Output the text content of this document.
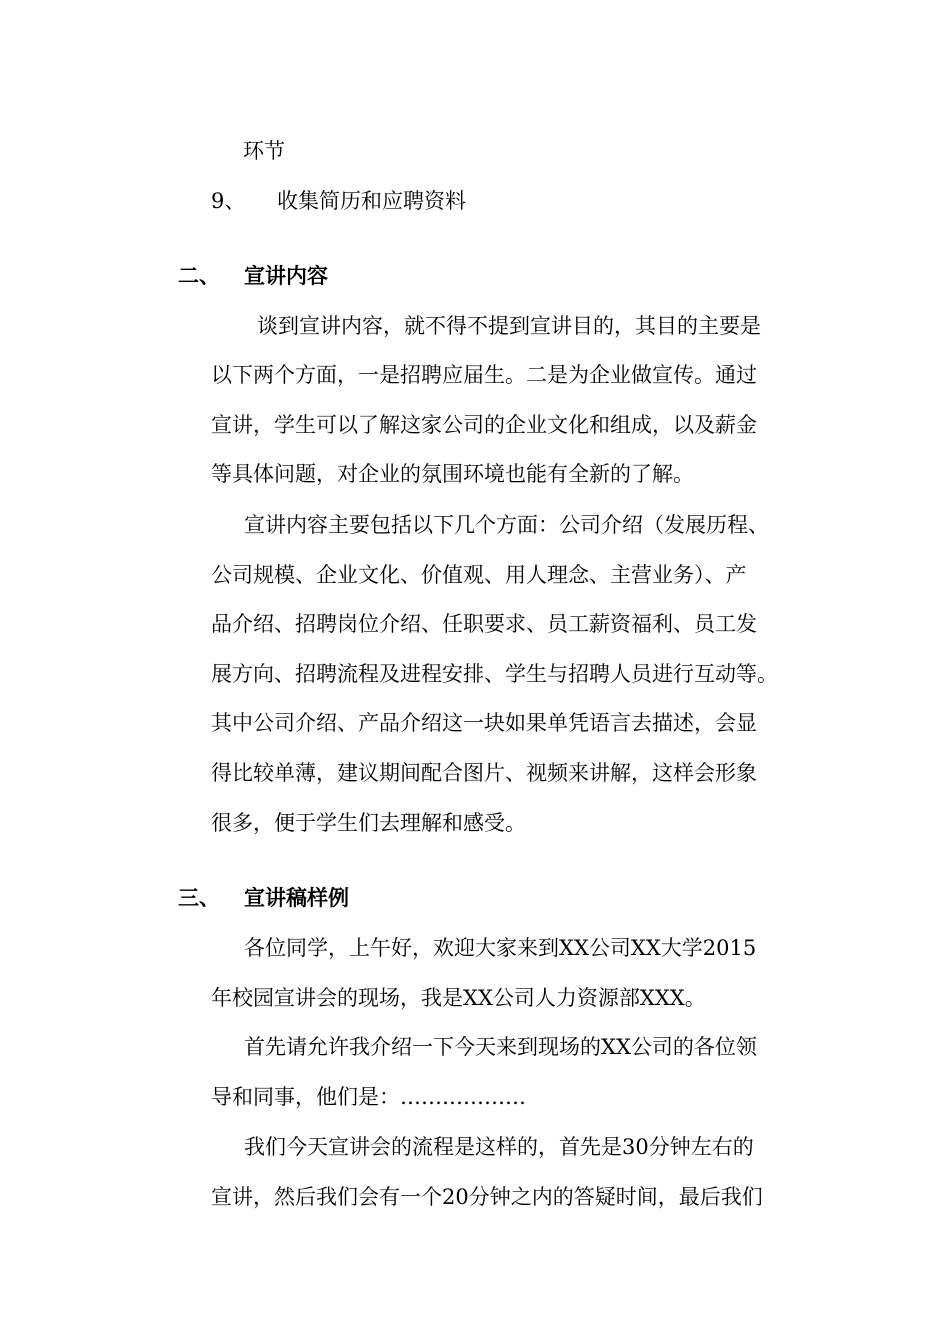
环节
9、 收集简历和应聘资料
二、 宣讲内容
谈到宣讲内容，就不得不提到宣讲目的，其目的主要是
以下两个方面，一是招聘应届生。二是为企业做宣传。通过
宣讲，学生可以了解这家公司的企业文化和组成，以及薪金
等具体问题，对企业的氛围环境也能有全新的了解。
宣讲内容主要包括以下几个方面：公司介绍（发展历程、
公司规模、企业文化、价值观、用人理念、主营业务）、产
品介绍、招聘岗位介绍、任职要求、员工薪资福利、员工发
展方向、招聘流程及进程安排、学生与招聘人员进行互动等。
其中公司介绍、产品介绍这一块如果单凭语言去描述，会显
得比较单薄，建议期间配合图片、视频来讲解，这样会形象
很多，便于学生们去理解和感受。
三、 宣讲稿样例
各位同学，上午好，欢迎大家来到XX公司XX大学2015
年校园宣讲会的现场，我是XX公司人力资源部XXX。
首先请允许我介绍一下今天来到现场的XX公司的各位领
导和同事，他们是：………………
我们今天宣讲会的流程是这样的，首先是30分钟左右的
宣讲，然后我们会有一个20分钟之内的答疑时间，最后我们
